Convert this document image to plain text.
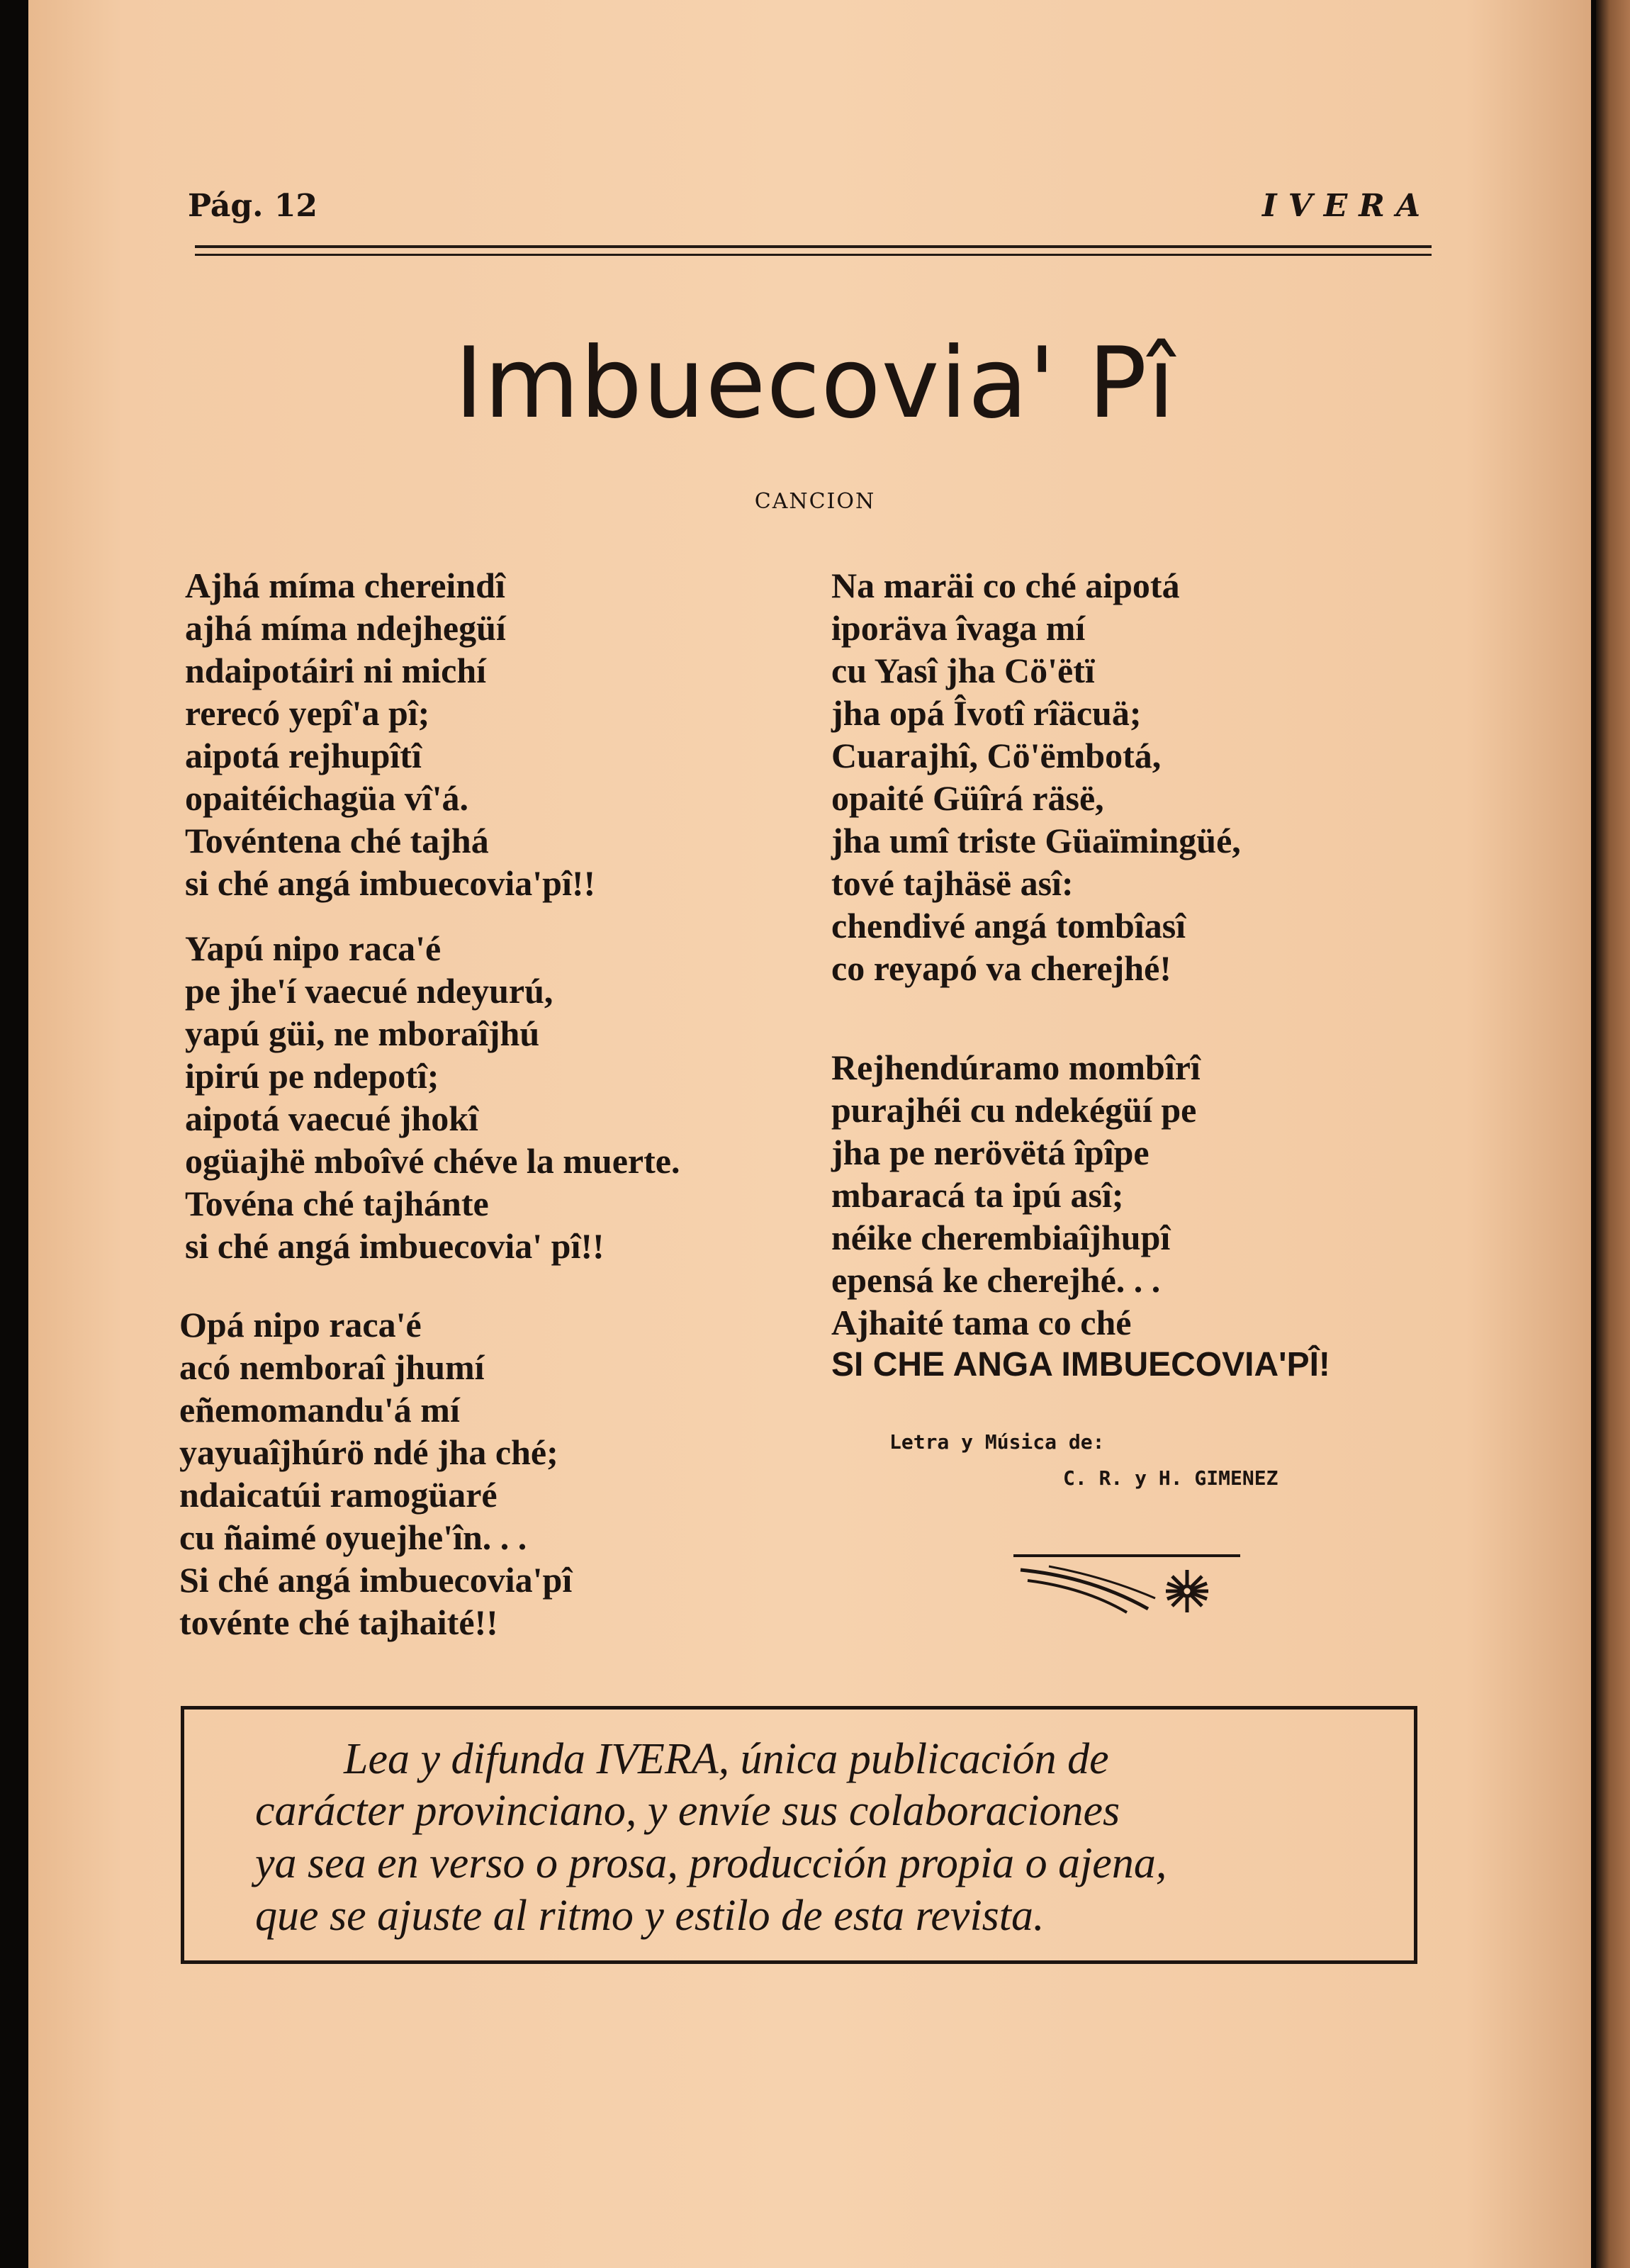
Pág. 12	IVERA
Imbuecovia' Pî
CANCION
Ajhá míma chereindî
ajhá míma ndejhegüí
ndaipotáiri ni michí
rerecó yepî'a pî;
aipotá rejhupîtî
opaitéichagüa vî'á.
Tovéntena ché tajhá
si ché angá imbuecovia'pî!!
Yapú nipo raca'é
pe jhe'í vaecué ndeyurú,
yapú güi, ne mboraîjhú
ipirú pe ndepotî;
aipotá vaecué jhokî
ogüajhë mboîvé chéve la muerte.
Tovéna ché tajhánte
si ché angá imbuecovia' pî!!
Opá nipo raca'é
acó nemboraî jhumí
eñemomandu'á mí
yayuaîjhúrö ndé jha ché;
ndaicatúi ramogüaré
cu ñaimé oyuejhe'în. . .
Si ché angá imbuecovia'pî
tovénte ché tajhaité!!
Na maräi co ché aipotá
iporäva îvaga mí
cu Yasî jha Cö'ëtï
jha opá Îvotî rîäcuä;
Cuarajhî, Cö'ëmbotá,
opaité Güîrá räsë,
jha umî triste Güaïmingüé,
tové tajhäsë asî:
chendivé angá tombîasî
co reyapó va cherejhé!
Rejhendúramo mombîrî
purajhéi cu ndekégüí pe
jha pe nerövëtá îpîpe
mbaracá ta ipú asî;
néike cherembiaîjhupî
epensá ke cherejhé. . .
Ajhaité tama co ché
SI CHE ANGA IMBUECOVIA'PÎ!
Letra y Música de:
C. R. y H. GIMENEZ
Lea y difunda IVERA, única publicación de
carácter provinciano, y envíe sus colaboraciones
ya sea en verso o prosa, producción propia o ajena,
que se ajuste al ritmo y estilo de esta revista.
